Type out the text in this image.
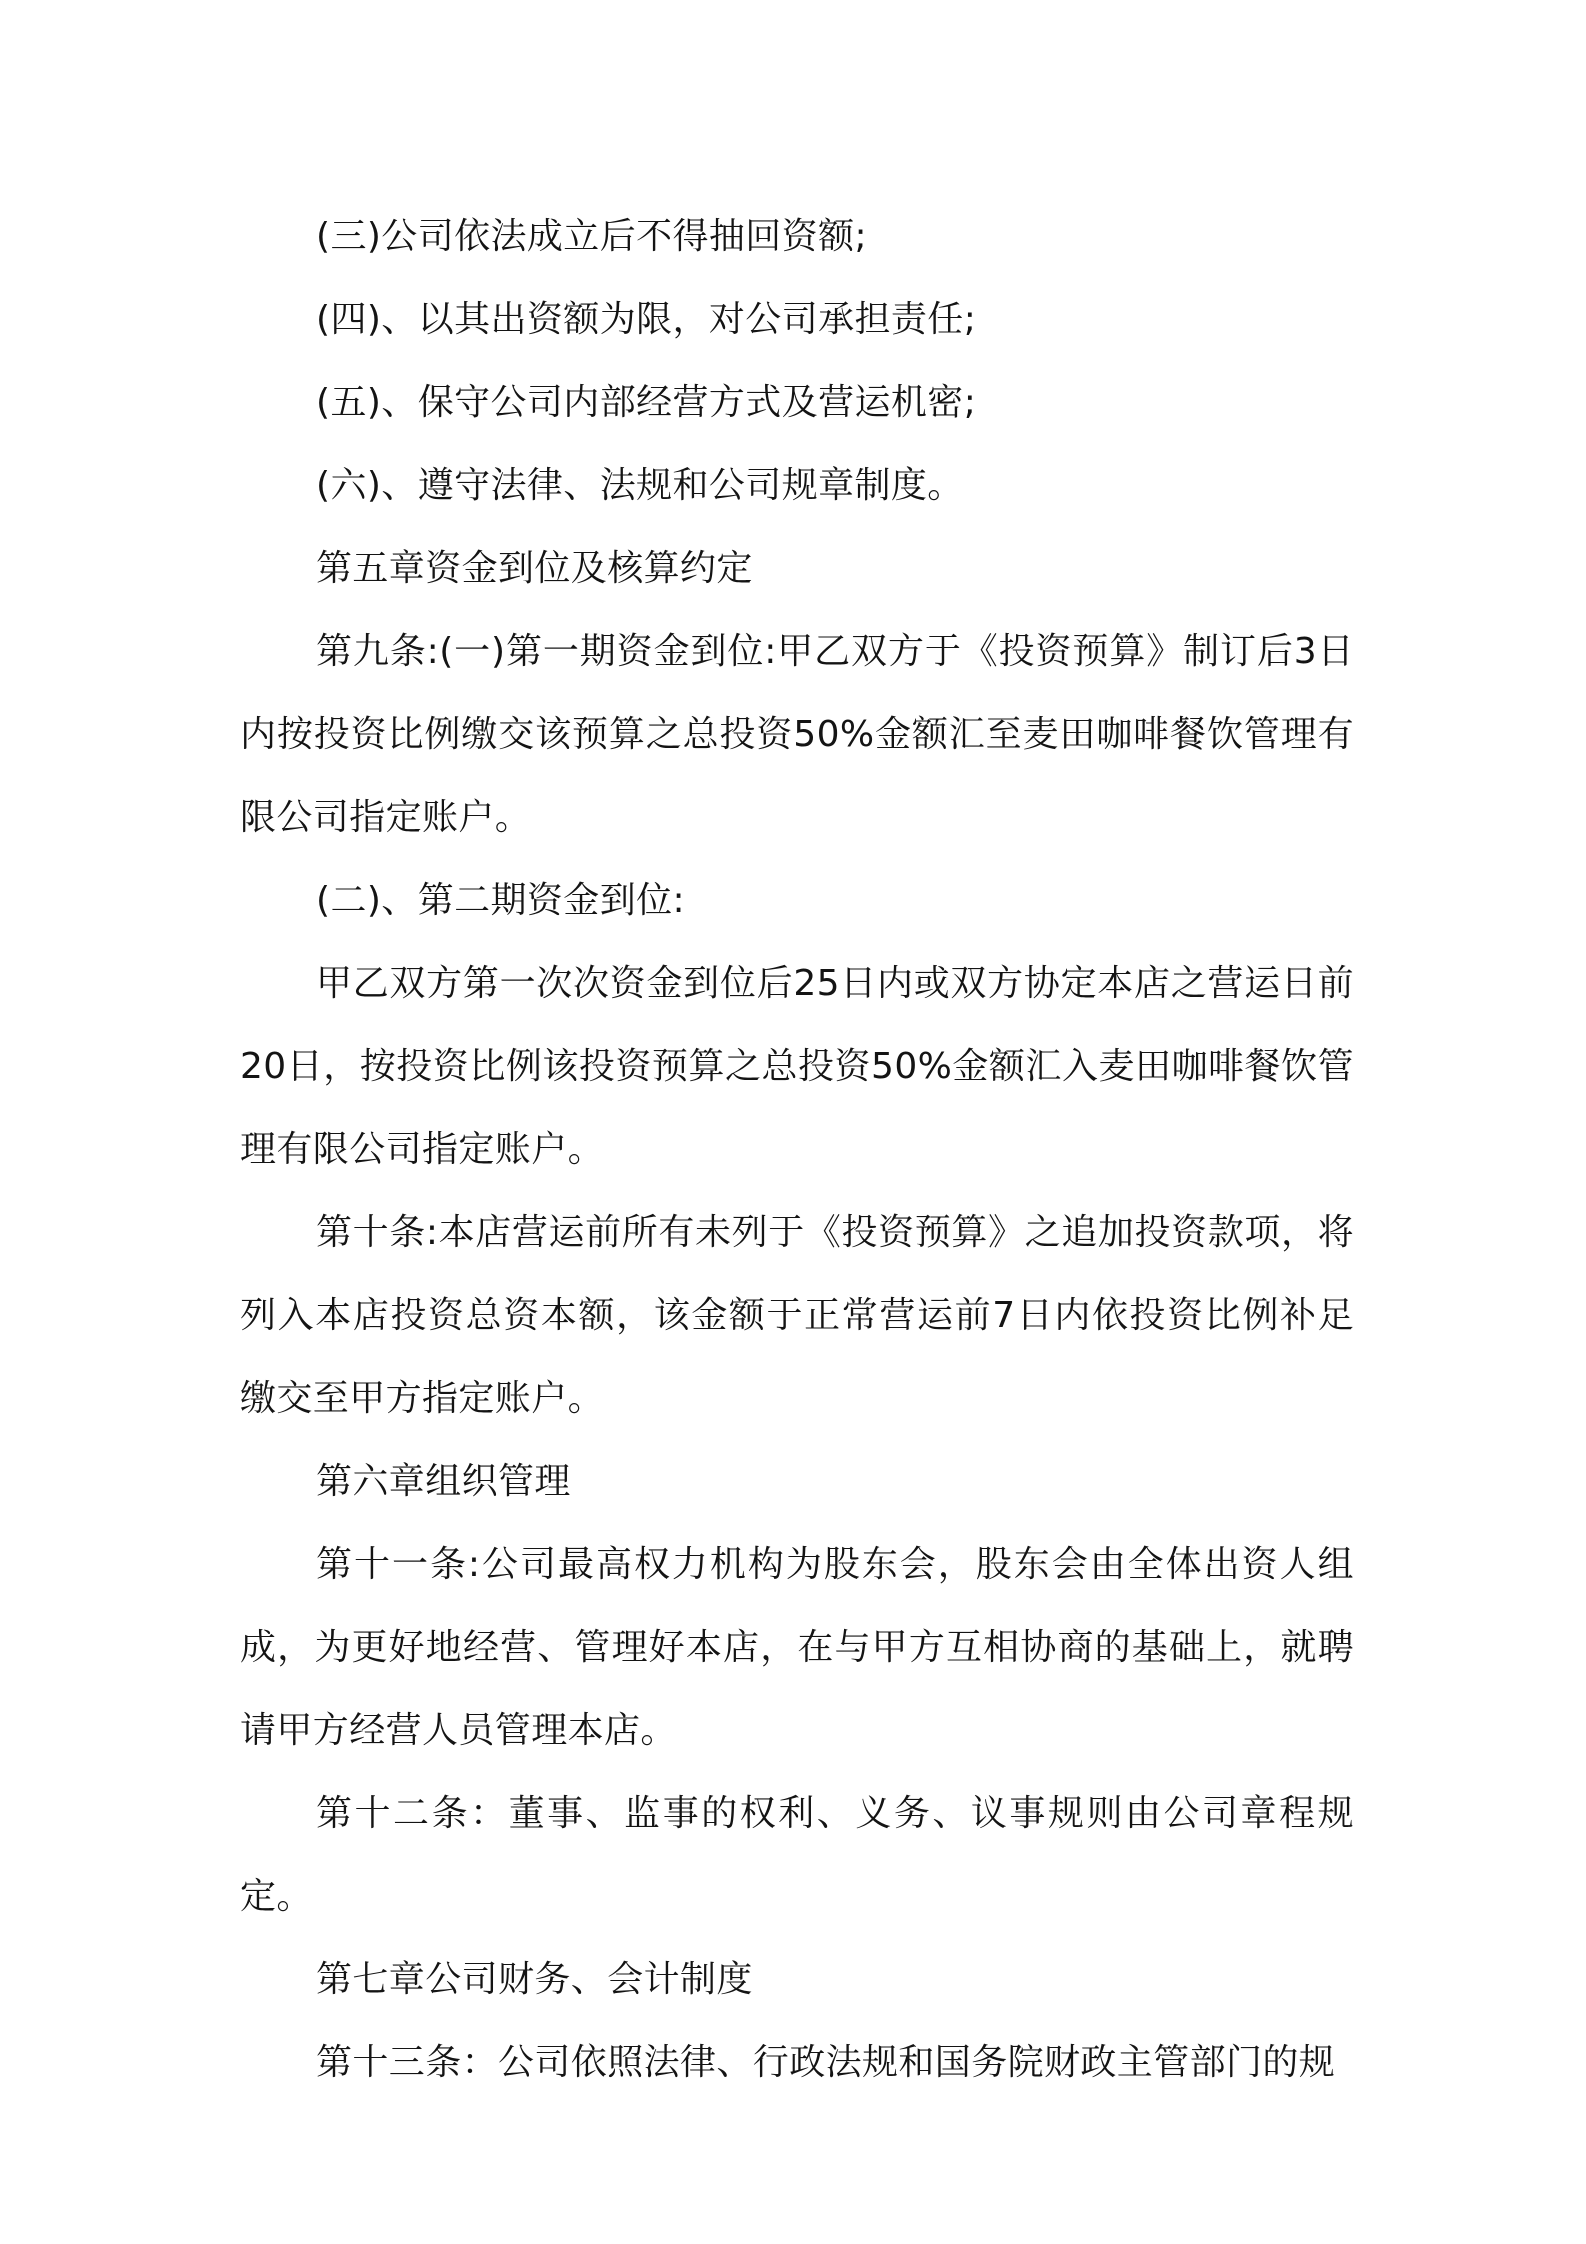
(三)公司依法成立后不得抽回资额;

(四)、以其出资额为限，对公司承担责任;

(五)、保守公司内部经营方式及营运机密;

(六)、遵守法律、法规和公司规章制度。

第五章资金到位及核算约定

第九条:(一)第一期资金到位:甲乙双方于《投资预算》制订后3日内按投资比例缴交该预算之总投资50%金额汇至麦田咖啡餐饮管理有限公司指定账户。

(二)、第二期资金到位:

甲乙双方第一次次资金到位后25日内或双方协定本店之营运日前20日，按投资比例该投资预算之总投资50%金额汇入麦田咖啡餐饮管理有限公司指定账户。

第十条:本店营运前所有未列于《投资预算》之追加投资款项，将列入本店投资总资本额，该金额于正常营运前7日内依投资比例补足缴交至甲方指定账户。

第六章组织管理

第十一条:公司最高权力机构为股东会，股东会由全体出资人组成，为更好地经营、管理好本店，在与甲方互相协商的基础上，就聘请甲方经营人员管理本店。

第十二条：董事、监事的权利、义务、议事规则由公司章程规定。

第七章公司财务、会计制度

第十三条：公司依照法律、行政法规和国务院财政主管部门的规
